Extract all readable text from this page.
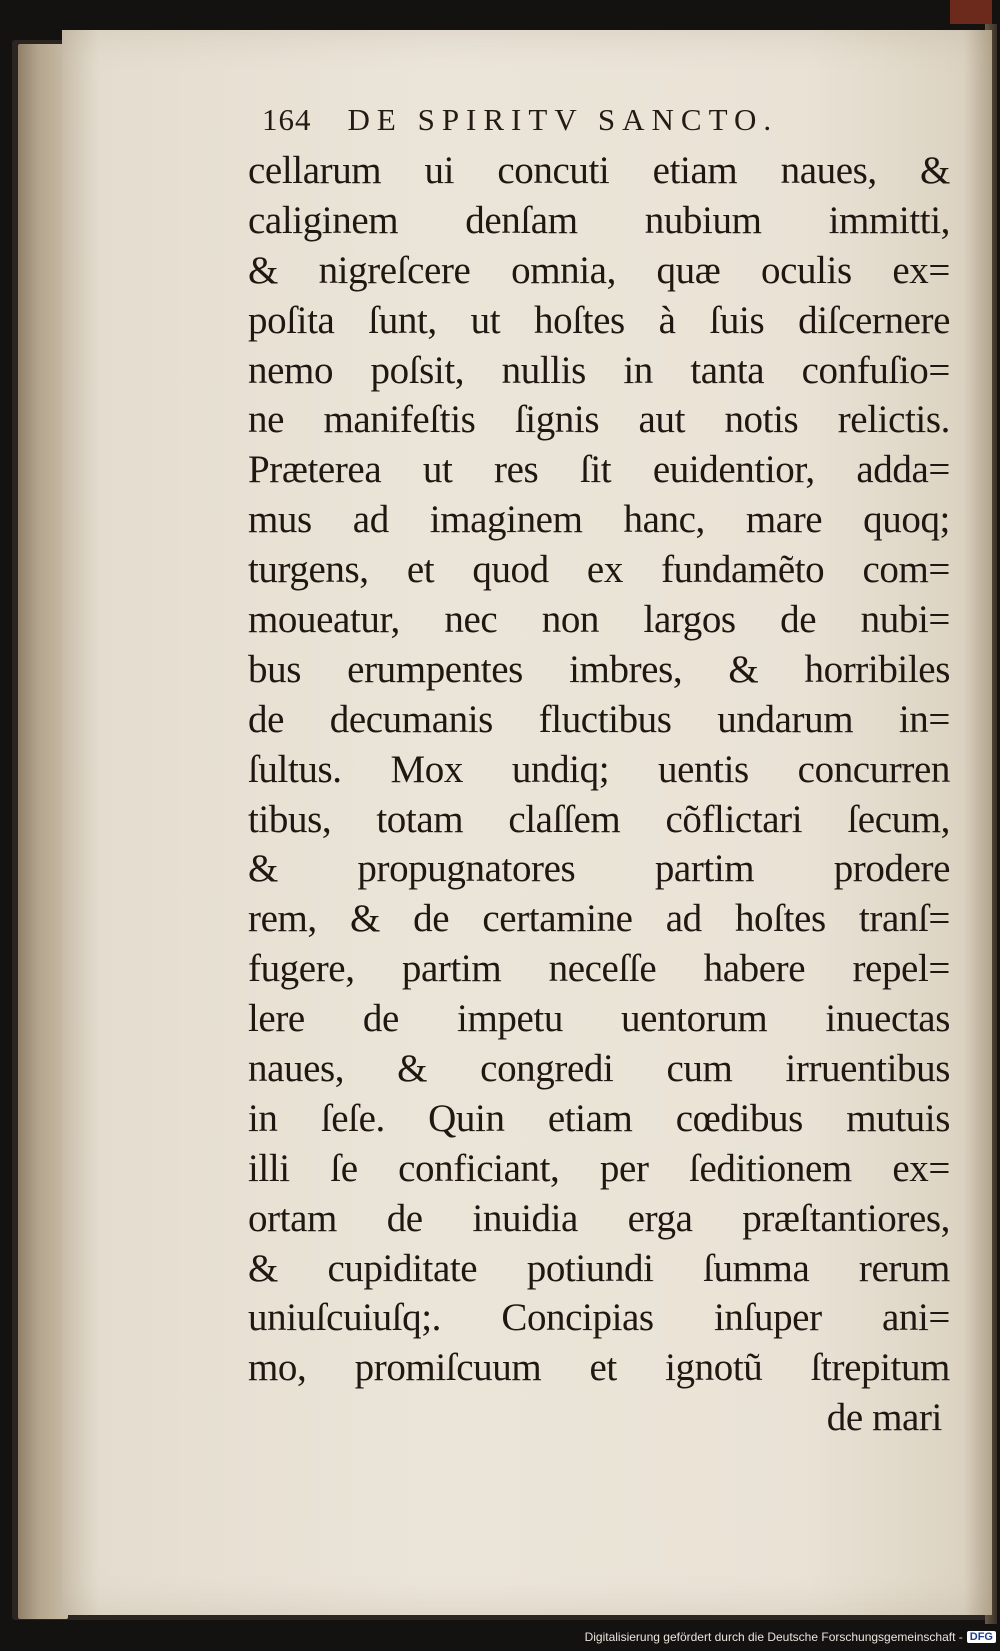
164 DE SPIRITV SANCTO.
cellarum ui concuti etiam naues, &
caliginem denſam nubium immitti,
& nigreſcere omnia, quæ oculis ex=
poſita ſunt, ut hoſtes à ſuis diſcernere
nemo poſsit, nullis in tanta confuſio=
ne manifeſtis ſignis aut notis relictis.
Præterea ut res ſit euidentior, adda=
mus ad imaginem hanc, mare quoq;
turgens, et quod ex fundamẽto com=
moueatur, nec non largos de nubi=
bus erumpentes imbres, & horribiles
de decumanis fluctibus undarum in=
ſultus. Mox undiq; uentis concurren
tibus, totam claſſem cõflictari ſecum,
& propugnatores partim prodere
rem, & de certamine ad hoſtes tranſ=
fugere, partim neceſſe habere repel=
lere de impetu uentorum inuectas
naues, & congredi cum irruentibus
in ſeſe. Quin etiam cœdibus mutuis
illi ſe conficiant, per ſeditionem ex=
ortam de inuidia erga præſtantiores,
& cupiditate potiundi ſumma rerum
uniuſcuiuſq;. Concipias inſuper ani=
mo, promiſcuum et ignotũ ſtrepitum
de mari
Digitalisierung gefördert durch die Deutsche Forschungsgemeinschaft - DFG
